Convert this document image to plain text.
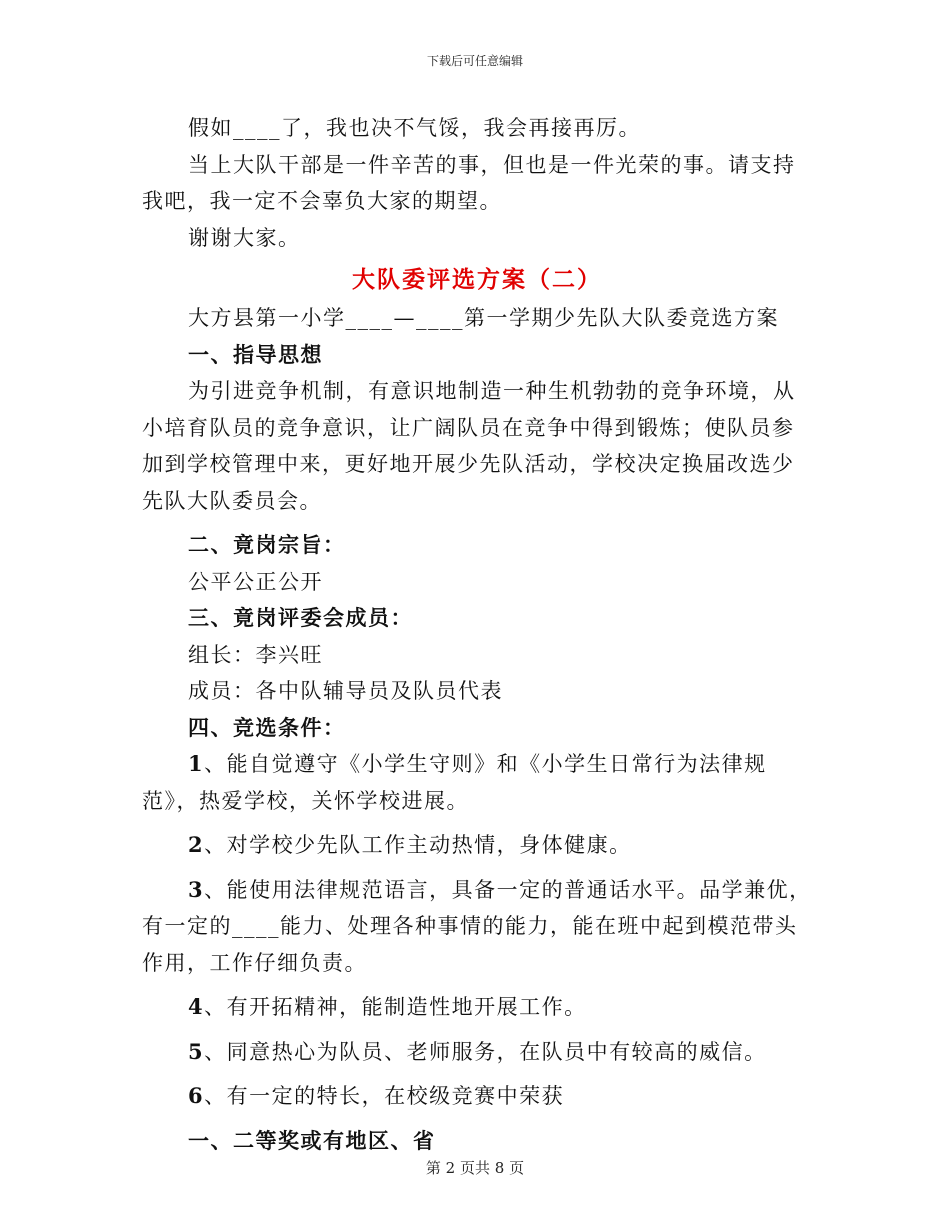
下载后可任意编辑

假如____了，我也决不气馁，我会再接再厉。

当上大队干部是一件辛苦的事，但也是一件光荣的事。请支持我吧，我一定不会辜负大家的期望。

谢谢大家。

大队委评选方案（二）

大方县第一小学____—____第一学期少先队大队委竞选方案

一、指导思想

为引进竞争机制，有意识地制造一种生机勃勃的竞争环境，从小培育队员的竞争意识，让广阔队员在竞争中得到锻炼；使队员参加到学校管理中来，更好地开展少先队活动，学校决定换届改选少先队大队委员会。

二、竟岗宗旨：

公平公正公开

三、竟岗评委会成员：

组长：李兴旺

成员：各中队辅导员及队员代表

四、竞选条件：

1、能自觉遵守《小学生守则》和《小学生日常行为法律规范》，热爱学校，关怀学校进展。

2、对学校少先队工作主动热情，身体健康。

3、能使用法律规范语言，具备一定的普通话水平。品学兼优，有一定的____能力、处理各种事情的能力，能在班中起到模范带头作用，工作仔细负责。

4、有开拓精神，能制造性地开展工作。

5、同意热心为队员、老师服务，在队员中有较高的威信。

6、有一定的特长，在校级竞赛中荣获

一、二等奖或有地区、省

第 2 页共 8 页
